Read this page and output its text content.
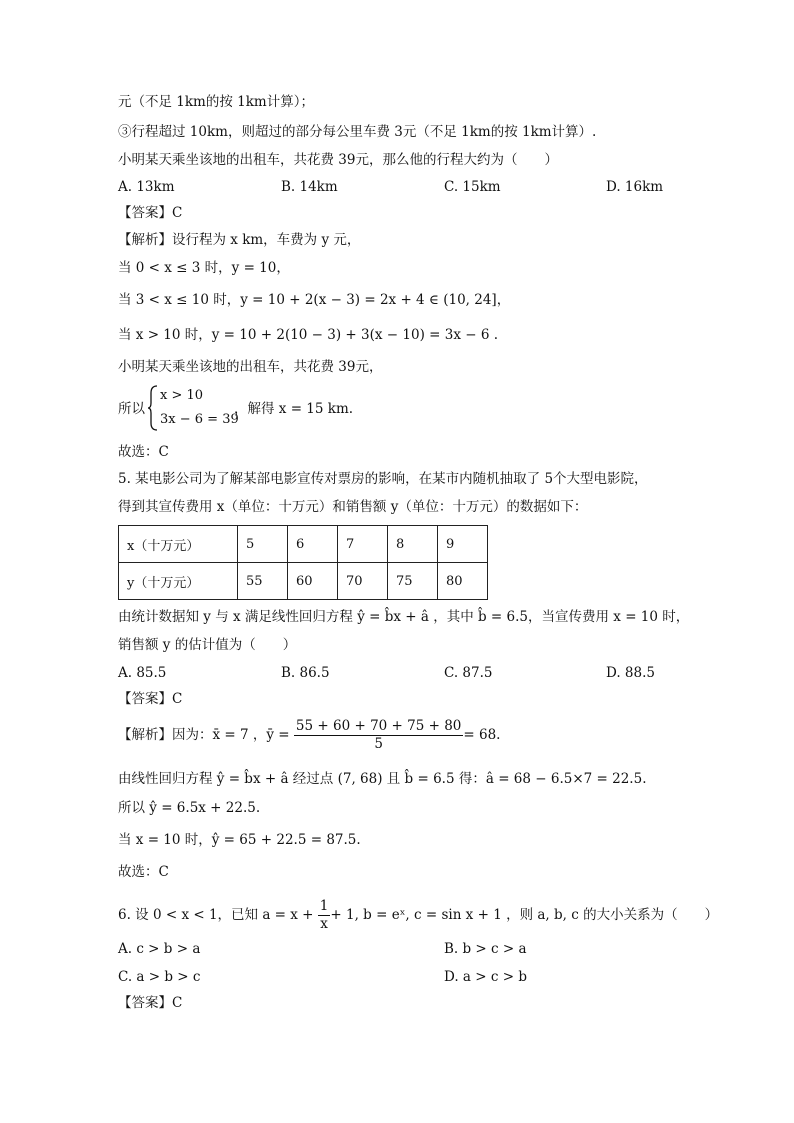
元（不足 1km的按 1km计算）；
③行程超过 10km，则超过的部分每公里车费 3元（不足 1km的按 1km计算）.
小明某天乘坐该地的出租车，共花费 39元，那么他的行程大约为（　　）
A. 13km	B. 14km	C. 15km	D. 16km
【答案】C
【解析】设行程为 x km，车费为 y 元，
当 0 < x ≤ 3 时，y = 10，
当 3 < x ≤ 10 时，y = 10 + 2(x − 3) = 2x + 4 ∈ (10, 24]，
当 x > 10 时，y = 10 + 2(10 − 3) + 3(x − 10) = 3x − 6 .
小明某天乘坐该地的出租车，共花费 39元，
所以
x > 10
3x − 6 = 39
，解得 x = 15 km.
故选：C
5. 某电影公司为了解某部电影宣传对票房的影响，在某市内随机抽取了 5个大型电影院，
得到其宣传费用 x（单位：十万元）和销售额 y（单位：十万元）的数据如下：
x（十万元）	5	6	7	8	9
y（十万元）	55	60	70	75	80
由统计数据知 y 与 x 满足线性回归方程 ŷ = b̂x + â ，其中 b̂ = 6.5，当宣传费用 x = 10 时，
销售额 y 的估计值为（　　）
A. 85.5	B. 86.5	C. 87.5	D. 88.5
【答案】C
【解析】因为：x̄ = 7 ，ȳ = $\frac{55 + 60 + 70 + 75 + 80}{5} = 68$.
由线性回归方程 ŷ = b̂x + â 经过点 (7, 68) 且 b̂ = 6.5 得：â = 68 − 6.5×7 = 22.5.
所以 ŷ = 6.5x + 22.5.
当 x = 10 时，ŷ = 65 + 22.5 = 87.5.
故选：C
6. 设 0 < x < 1，已知 $a = x + \frac{1}{x} + 1$, b = eˣ, c = sin x + 1 ，则 a, b, c 的大小关系为（　　）
A. c > b > a	B. b > c > a
C. a > b > c	D. a > c > b
【答案】C
